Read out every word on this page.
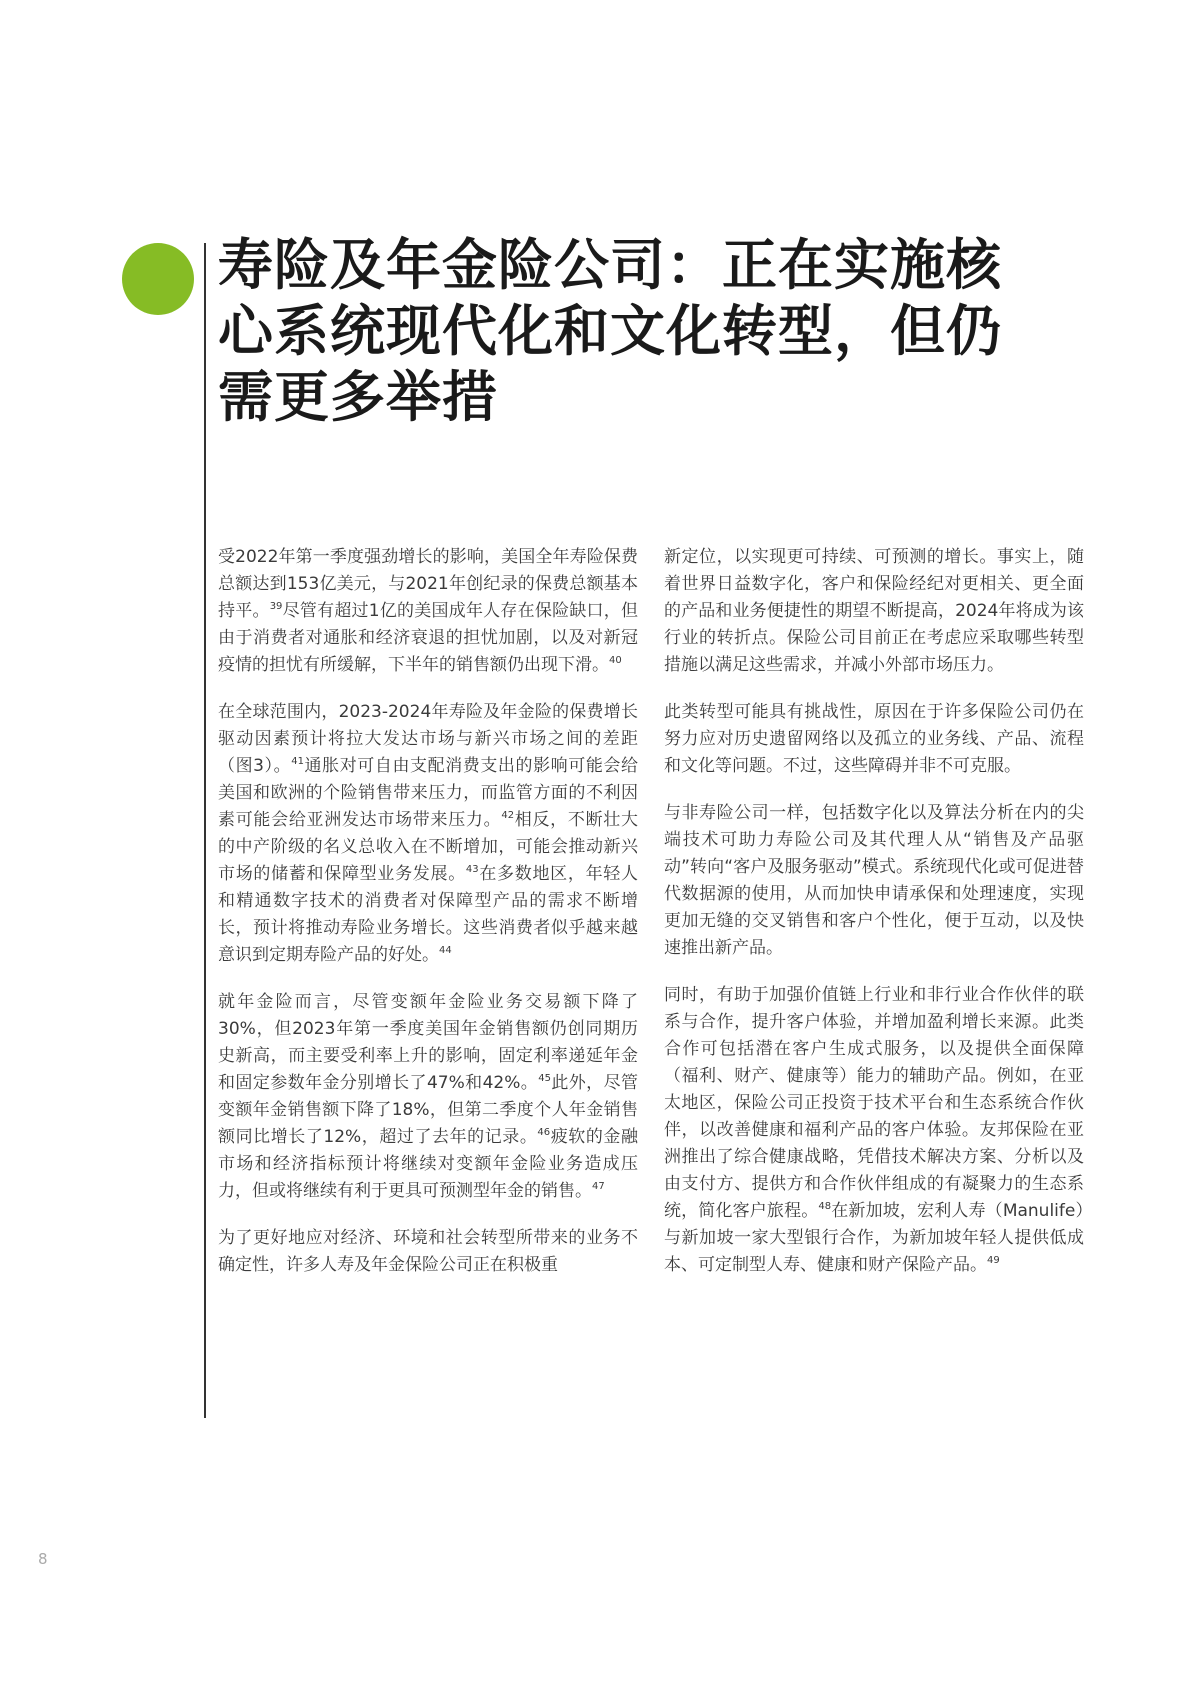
寿险及年金险公司：正在实施核心系统现代化和文化转型，但仍需更多举措

受2022年第一季度强劲增长的影响，美国全年寿险保费总额达到153亿美元，与2021年创纪录的保费总额基本持平。$^{39}$尽管有超过1亿的美国成年人存在保险缺口，但由于消费者对通胀和经济衰退的担忧加剧，以及对新冠疫情的担忧有所缓解，下半年的销售额仍出现下滑。$^{40}$

在全球范围内，2023-2024年寿险及年金险的保费增长驱动因素预计将拉大发达市场与新兴市场之间的差距（图3）。$^{41}$通胀对可自由支配消费支出的影响可能会给美国和欧洲的个险销售带来压力，而监管方面的不利因素可能会给亚洲发达市场带来压力。$^{42}$相反，不断壮大的中产阶级的名义总收入在不断增加，可能会推动新兴市场的储蓄和保障型业务发展。$^{43}$在多数地区，年轻人和精通数字技术的消费者对保障型产品的需求不断增长，预计将推动寿险业务增长。这些消费者似乎越来越意识到定期寿险产品的好处。$^{44}$

就年金险而言，尽管变额年金险业务交易额下降了30%，但2023年第一季度美国年金销售额仍创同期历史新高，而主要受利率上升的影响，固定利率递延年金和固定参数年金分别增长了47%和42%。$^{45}$此外，尽管变额年金销售额下降了18%，但第二季度个人年金销售额同比增长了12%，超过了去年的记录。$^{46}$疲软的金融市场和经济指标预计将继续对变额年金险业务造成压力，但或将继续有利于更具可预测型年金的销售。$^{47}$

为了更好地应对经济、环境和社会转型所带来的业务不确定性，许多人寿及年金保险公司正在积极重

新定位，以实现更可持续、可预测的增长。事实上，随着世界日益数字化，客户和保险经纪对更相关、更全面的产品和业务便捷性的期望不断提高，2024年将成为该行业的转折点。保险公司目前正在考虑应采取哪些转型措施以满足这些需求，并减小外部市场压力。

此类转型可能具有挑战性，原因在于许多保险公司仍在努力应对历史遗留网络以及孤立的业务线、产品、流程和文化等问题。不过，这些障碍并非不可克服。

与非寿险公司一样，包括数字化以及算法分析在内的尖端技术可助力寿险公司及其代理人从“销售及产品驱动”转向“客户及服务驱动”模式。系统现代化或可促进替代数据源的使用，从而加快申请承保和处理速度，实现更加无缝的交叉销售和客户个性化，便于互动，以及快速推出新产品。

同时，有助于加强价值链上行业和非行业合作伙伴的联系与合作，提升客户体验，并增加盈利增长来源。此类合作可包括潜在客户生成式服务，以及提供全面保障（福利、财产、健康等）能力的辅助产品。例如，在亚太地区，保险公司正投资于技术平台和生态系统合作伙伴，以改善健康和福利产品的客户体验。友邦保险在亚洲推出了综合健康战略，凭借技术解决方案、分析以及由支付方、提供方和合作伙伴组成的有凝聚力的生态系统，简化客户旅程。$^{48}$在新加坡，宏利人寿（Manulife）与新加坡一家大型银行合作，为新加坡年轻人提供低成本、可定制型人寿、健康和财产保险产品。$^{49}$

8
